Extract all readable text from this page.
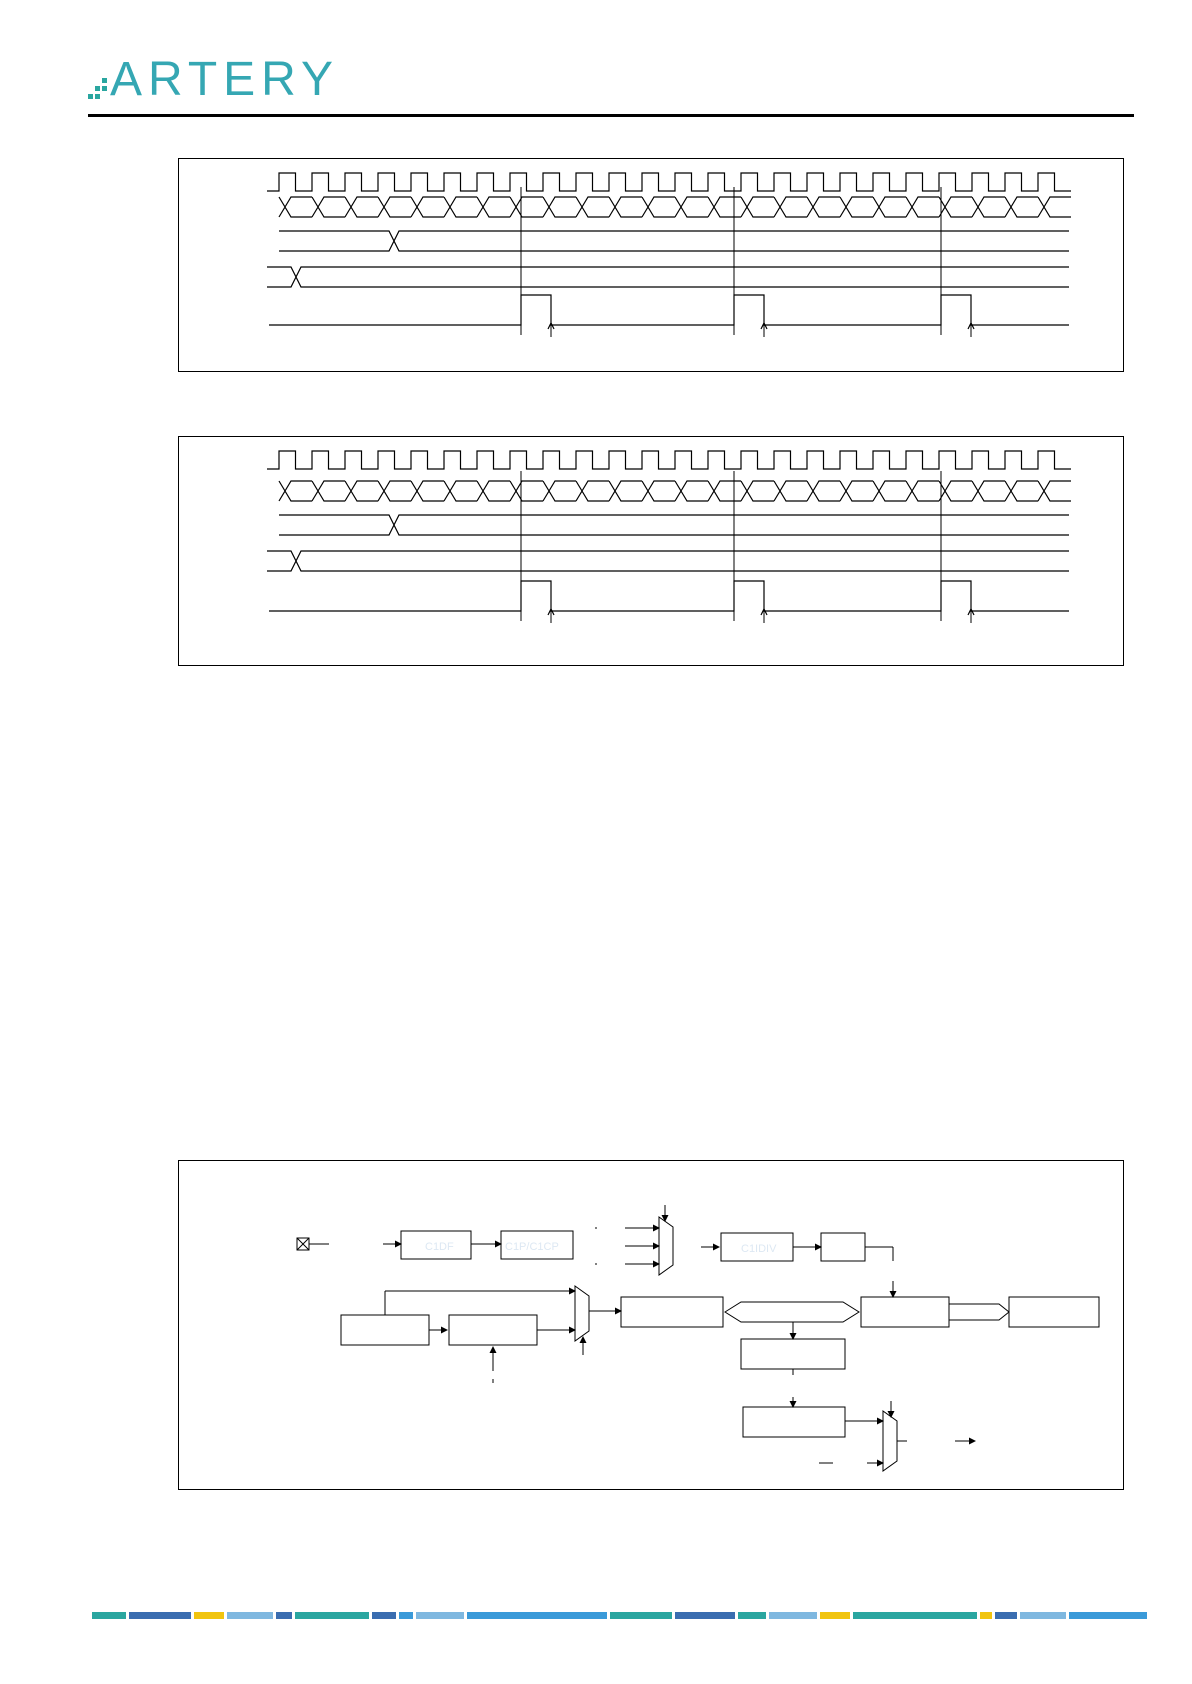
ARTERY
C1DF	C1P/C1CP	C1IDIV
